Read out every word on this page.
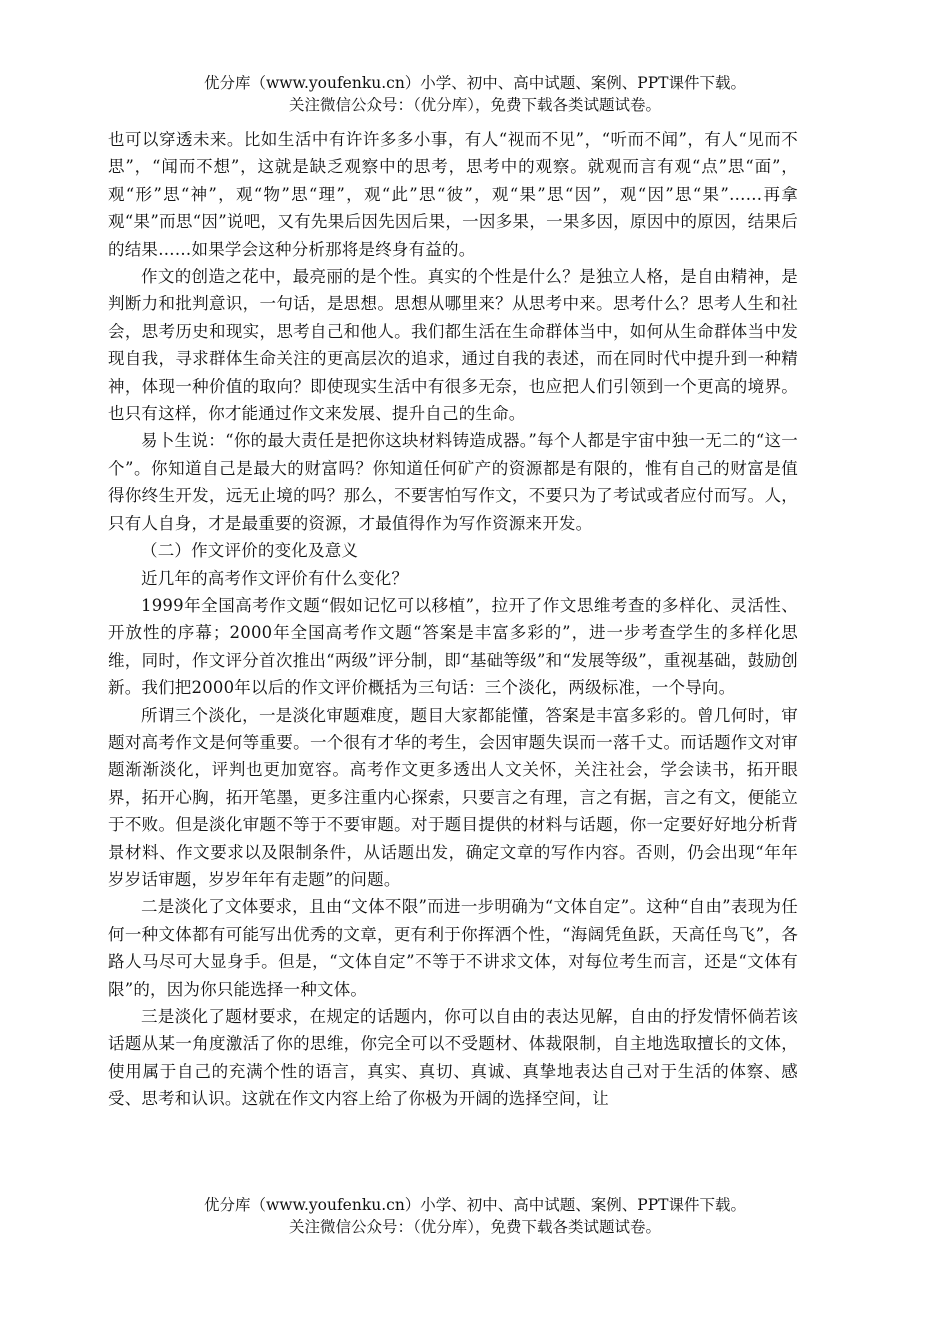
优分库（www.youfenku.cn）小学、初中、高中试题、案例、PPT课件下载。
关注微信公众号：（优分库），免费下载各类试题试卷。

也可以穿透未来。比如生活中有许许多多小事，有人“视而不见”，“听而不闻”，有人“见而不思”，“闻而不想”，这就是缺乏观察中的思考，思考中的观察。就观而言有观“点”思“面”，观“形”思“神”，观“物”思“理”，观“此”思“彼”，观“果”思“因”，观“因”思“果”……再拿观“果”而思“因”说吧，又有先果后因先因后果，一因多果，一果多因，原因中的原因，结果后的结果……如果学会这种分析那将是终身有益的。

作文的创造之花中，最亮丽的是个性。真实的个性是什么？是独立人格，是自由精神，是判断力和批判意识，一句话，是思想。思想从哪里来？从思考中来。思考什么？思考人生和社会，思考历史和现实，思考自己和他人。我们都生活在生命群体当中，如何从生命群体当中发现自我，寻求群体生命关注的更高层次的追求，通过自我的表述，而在同时代中提升到一种精神，体现一种价值的取向？即使现实生活中有很多无奈，也应把人们引领到一个更高的境界。也只有这样，你才能通过作文来发展、提升自己的生命。

易卜生说：“你的最大责任是把你这块材料铸造成器。”每个人都是宇宙中独一无二的“这一个”。你知道自己是最大的财富吗？你知道任何矿产的资源都是有限的，惟有自己的财富是值得你终生开发，远无止境的吗？那么，不要害怕写作文，不要只为了考试或者应付而写。人，只有人自身，才是最重要的资源，才最值得作为写作资源来开发。

（二）作文评价的变化及意义

近几年的高考作文评价有什么变化？

1999年全国高考作文题“假如记忆可以移植”，拉开了作文思维考查的多样化、灵活性、开放性的序幕；2000年全国高考作文题“答案是丰富多彩的”，进一步考查学生的多样化思维，同时，作文评分首次推出“两级”评分制，即“基础等级”和“发展等级”，重视基础，鼓励创新。我们把2000年以后的作文评价概括为三句话：三个淡化，两级标准，一个导向。

所谓三个淡化，一是淡化审题难度，题目大家都能懂，答案是丰富多彩的。曾几何时，审题对高考作文是何等重要。一个很有才华的考生，会因审题失误而一落千丈。而话题作文对审题渐渐淡化，评判也更加宽容。高考作文更多透出人文关怀，关注社会，学会读书，拓开眼界，拓开心胸，拓开笔墨，更多注重内心探索，只要言之有理，言之有据，言之有文，便能立于不败。但是淡化审题不等于不要审题。对于题目提供的材料与话题，你一定要好好地分析背景材料、作文要求以及限制条件，从话题出发，确定文章的写作内容。否则，仍会出现“年年岁岁话审题，岁岁年年有走题”的问题。

二是淡化了文体要求，且由“文体不限”而进一步明确为“文体自定”。这种“自由”表现为任何一种文体都有可能写出优秀的文章，更有利于你挥洒个性，“海阔凭鱼跃，天高任鸟飞”，各路人马尽可大显身手。但是，“文体自定”不等于不讲求文体，对每位考生而言，还是“文体有限”的，因为你只能选择一种文体。

三是淡化了题材要求，在规定的话题内，你可以自由的表达见解，自由的抒发情怀倘若该话题从某一角度激活了你的思维，你完全可以不受题材、体裁限制，自主地选取擅长的文体，使用属于自己的充满个性的语言，真实、真切、真诚、真挚地表达自己对于生活的体察、感受、思考和认识。这就在作文内容上给了你极为开阔的选择空间，让

优分库（www.youfenku.cn）小学、初中、高中试题、案例、PPT课件下载。
关注微信公众号：（优分库），免费下载各类试题试卷。
